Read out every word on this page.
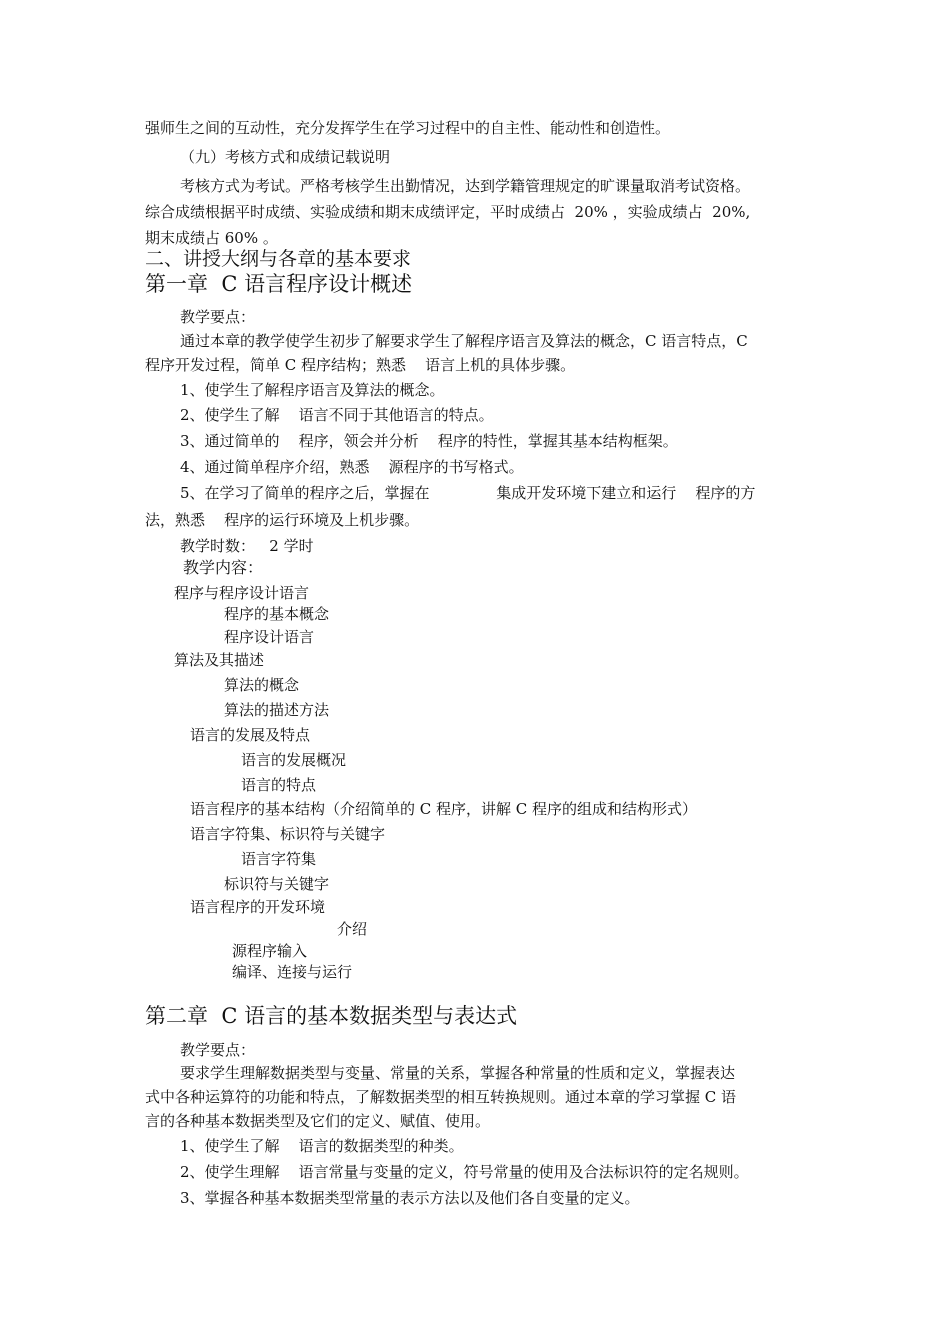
强师生之间的互动性，充分发挥学生在学习过程中的自主性、能动性和创造性。
（九）考核方式和成绩记载说明
考核方式为考试。严格考核学生出勤情况，达到学籍管理规定的旷课量取消考试资格。
综合成绩根据平时成绩、实验成绩和期末成绩评定，平时成绩占  20% ，实验成绩占  20%,
期末成绩占 60% 。
二、讲授大纲与各章的基本要求
第一章  C 语言程序设计概述
教学要点：
通过本章的教学使学生初步了解要求学生了解程序语言及算法的概念，C 语言特点，C
程序开发过程，简单 C 程序结构；熟悉    语言上机的具体步骤。
1、使学生了解程序语言及算法的概念。
2、使学生了解    语言不同于其他语言的特点。
3、通过简单的    程序，领会并分析    程序的特性，掌握其基本结构框架。
4、通过简单程序介绍，熟悉    源程序的书写格式。
5、在学习了简单的程序之后，掌握在              集成开发环境下建立和运行    程序的方
法，熟悉    程序的运行环境及上机步骤。
教学时数：   2 学时
教学内容：
程序与程序设计语言
程序的基本概念
程序设计语言
算法及其描述
算法的概念
算法的描述方法
语言的发展及特点
语言的发展概况
语言的特点
语言程序的基本结构（介绍简单的 C 程序，讲解 C 程序的组成和结构形式）
语言字符集、标识符与关键字
语言字符集
标识符与关键字
语言程序的开发环境
介绍
源程序输入
编译、连接与运行
第二章  C 语言的基本数据类型与表达式
教学要点：
要求学生理解数据类型与变量、常量的关系，掌握各种常量的性质和定义，掌握表达
式中各种运算符的功能和特点，了解数据类型的相互转换规则。通过本章的学习掌握 C 语
言的各种基本数据类型及它们的定义、赋值、使用。
1、使学生了解    语言的数据类型的种类。
2、使学生理解    语言常量与变量的定义，符号常量的使用及合法标识符的定名规则。
3、掌握各种基本数据类型常量的表示方法以及他们各自变量的定义。
